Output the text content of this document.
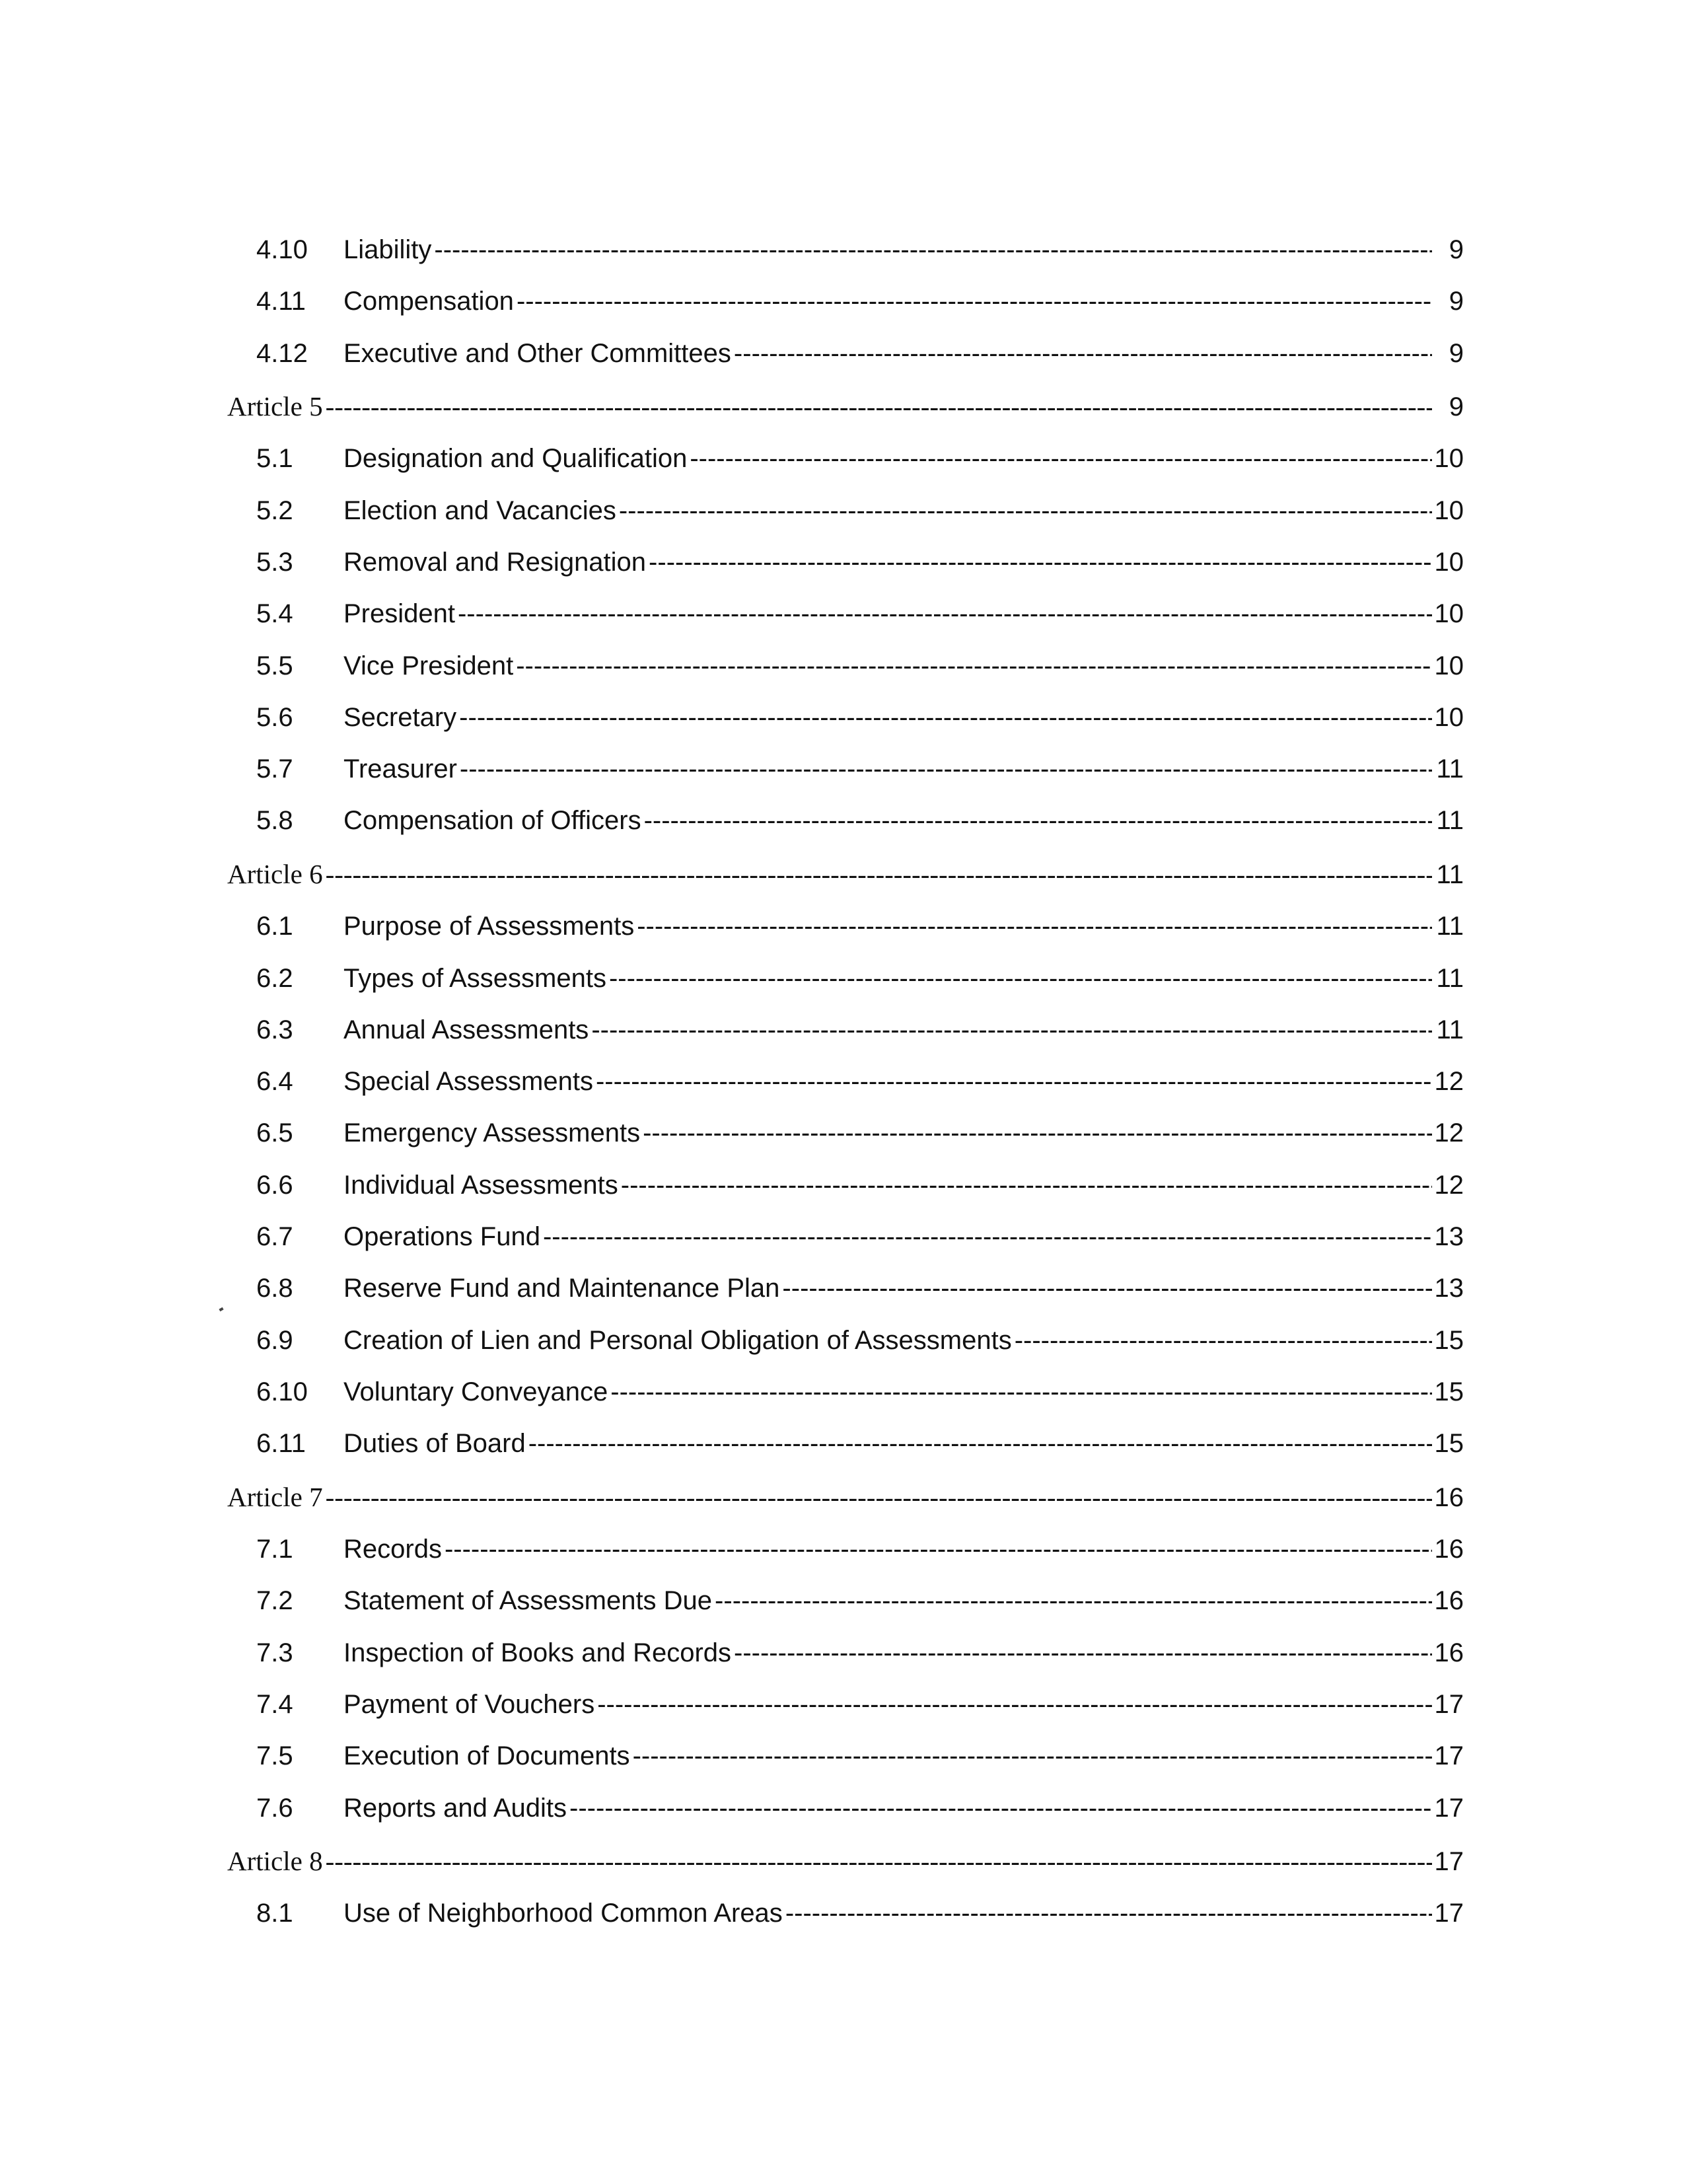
4.10	Liability -----	9
4.11	Compensation -----	9
4.12	Executive and Other Committees -----	9
Article 5 -----	9
5.1	Designation and Qualification -----	10
5.2	Election and Vacancies -----	10
5.3	Removal and Resignation -----	10
5.4	President -----	10
5.5	Vice President -----	10
5.6	Secretary -----	10
5.7	Treasurer -----	11
5.8	Compensation of Officers -----	11
Article 6 -----	11
6.1	Purpose of Assessments -----	11
6.2	Types of Assessments -----	11
6.3	Annual Assessments -----	11
6.4	Special Assessments -----	12
6.5	Emergency Assessments -----	12
6.6	Individual Assessments -----	12
6.7	Operations Fund -----	13
6.8	Reserve Fund and Maintenance Plan -----	13
6.9	Creation of Lien and Personal Obligation of Assessments -----	15
6.10	Voluntary Conveyance -----	15
6.11	Duties of Board -----	15
Article 7 -----	16
7.1	Records -----	16
7.2	Statement of Assessments Due -----	16
7.3	Inspection of Books and Records -----	16
7.4	Payment of Vouchers -----	17
7.5	Execution of Documents -----	17
7.6	Reports and Audits -----	17
Article 8 -----	17
8.1	Use of Neighborhood Common Areas -----	17
